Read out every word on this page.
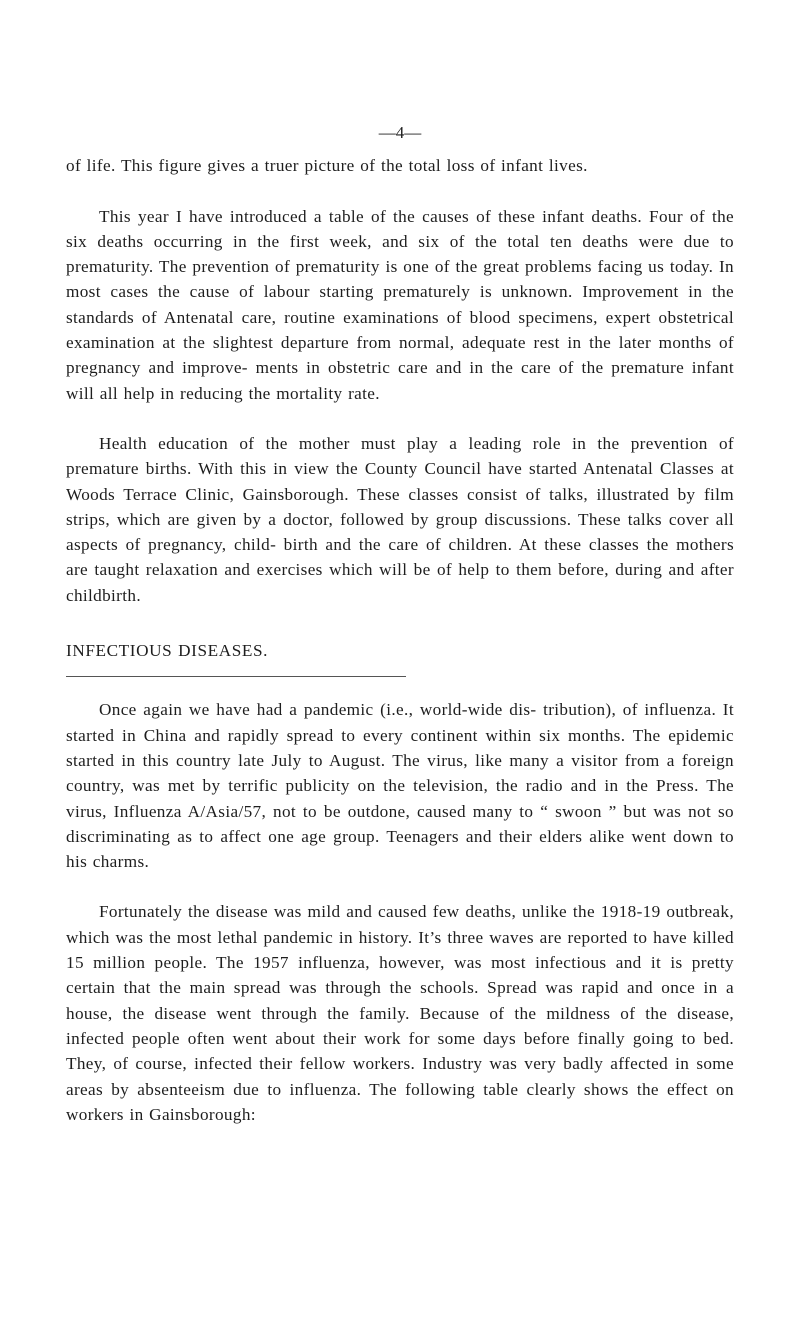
—4—

of life. This figure gives a truer picture of the total loss of infant lives.

This year I have introduced a table of the causes of these infant deaths. Four of the six deaths occurring in the first week, and six of the total ten deaths were due to prematurity. The prevention of prematurity is one of the great problems facing us today. In most cases the cause of labour starting prematurely is unknown. Improvement in the standards of Antenatal care, routine examinations of blood specimens, expert obstetrical examination at the slightest departure from normal, adequate rest in the later months of pregnancy and improve- ments in obstetric care and in the care of the premature infant will all help in reducing the mortality rate.

Health education of the mother must play a leading role in the prevention of premature births. With this in view the County Council have started Antenatal Classes at Woods Terrace Clinic, Gainsborough. These classes consist of talks, illustrated by film strips, which are given by a doctor, followed by group discussions. These talks cover all aspects of pregnancy, child- birth and the care of children. At these classes the mothers are taught relaxation and exercises which will be of help to them before, during and after childbirth.

INFECTIOUS DISEASES.

Once again we have had a pandemic (i.e., world-wide dis- tribution), of influenza. It started in China and rapidly spread to every continent within six months. The epidemic started in this country late July to August. The virus, like many a visitor from a foreign country, was met by terrific publicity on the television, the radio and in the Press. The virus, Influenza A/Asia/57, not to be outdone, caused many to “ swoon ” but was not so discriminating as to affect one age group. Teenagers and their elders alike went down to his charms.

Fortunately the disease was mild and caused few deaths, unlike the 1918-19 outbreak, which was the most lethal pandemic in history. It’s three waves are reported to have killed 15 million people. The 1957 influenza, however, was most infectious and it is pretty certain that the main spread was through the schools. Spread was rapid and once in a house, the disease went through the family. Because of the mildness of the disease, infected people often went about their work for some days before finally going to bed. They, of course, infected their fellow workers. Industry was very badly affected in some areas by absenteeism due to influenza. The following table clearly shows the effect on workers in Gainsborough:
